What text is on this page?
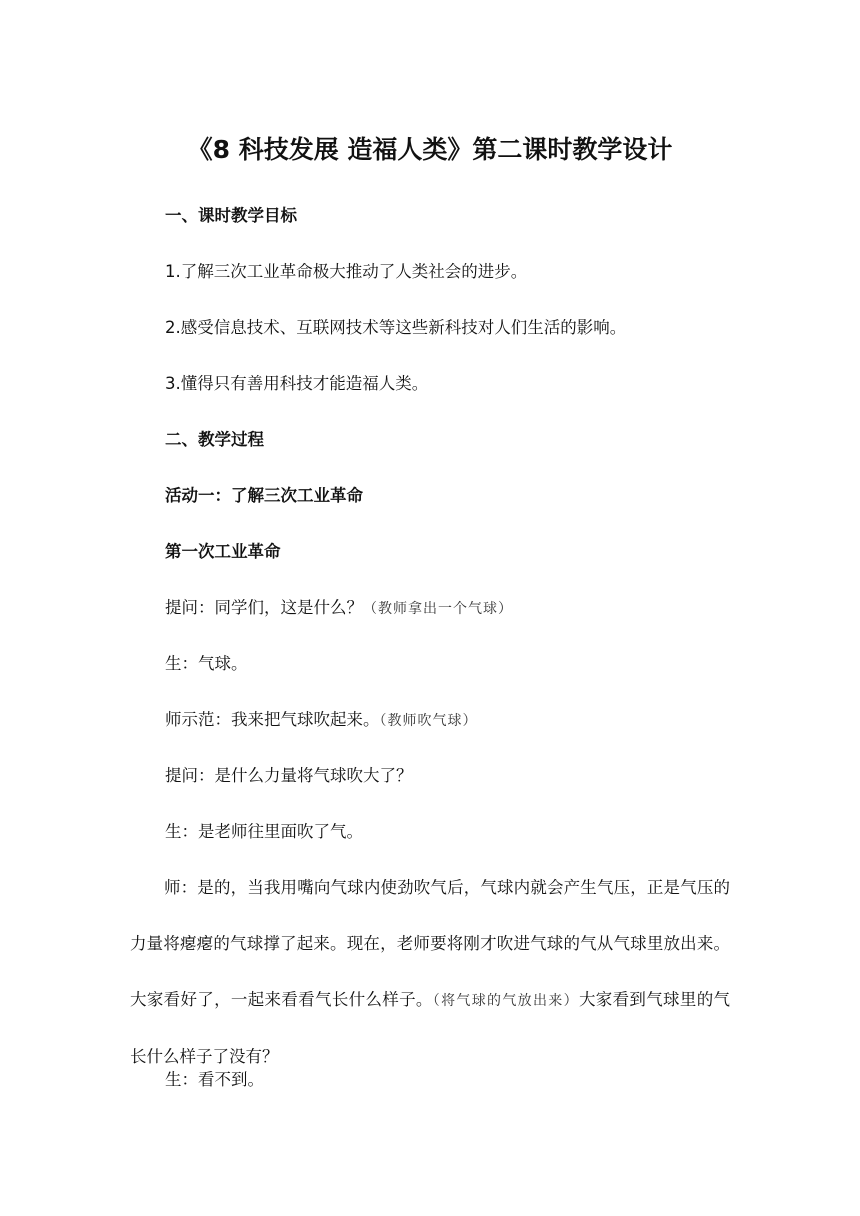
《8 科技发展 造福人类》第二课时教学设计
一、课时教学目标
1.了解三次工业革命极大推动了人类社会的进步。
2.感受信息技术、互联网技术等这些新科技对人们生活的影响。
3.懂得只有善用科技才能造福人类。
二、教学过程
活动一：了解三次工业革命
第一次工业革命
提问：同学们，这是什么？（教师拿出一个气球）
生：气球。
师示范：我来把气球吹起来。（教师吹气球）
提问：是什么力量将气球吹大了？
生：是老师往里面吹了气。
师：是的，当我用嘴向气球内使劲吹气后，气球内就会产生气压，正是气压的力量将瘪瘪的气球撑了起来。现在，老师要将刚才吹进气球的气从气球里放出来。大家看好了，一起来看看气长什么样子。（将气球的气放出来）大家看到气球里的气长什么样子了没有？
生：看不到。
